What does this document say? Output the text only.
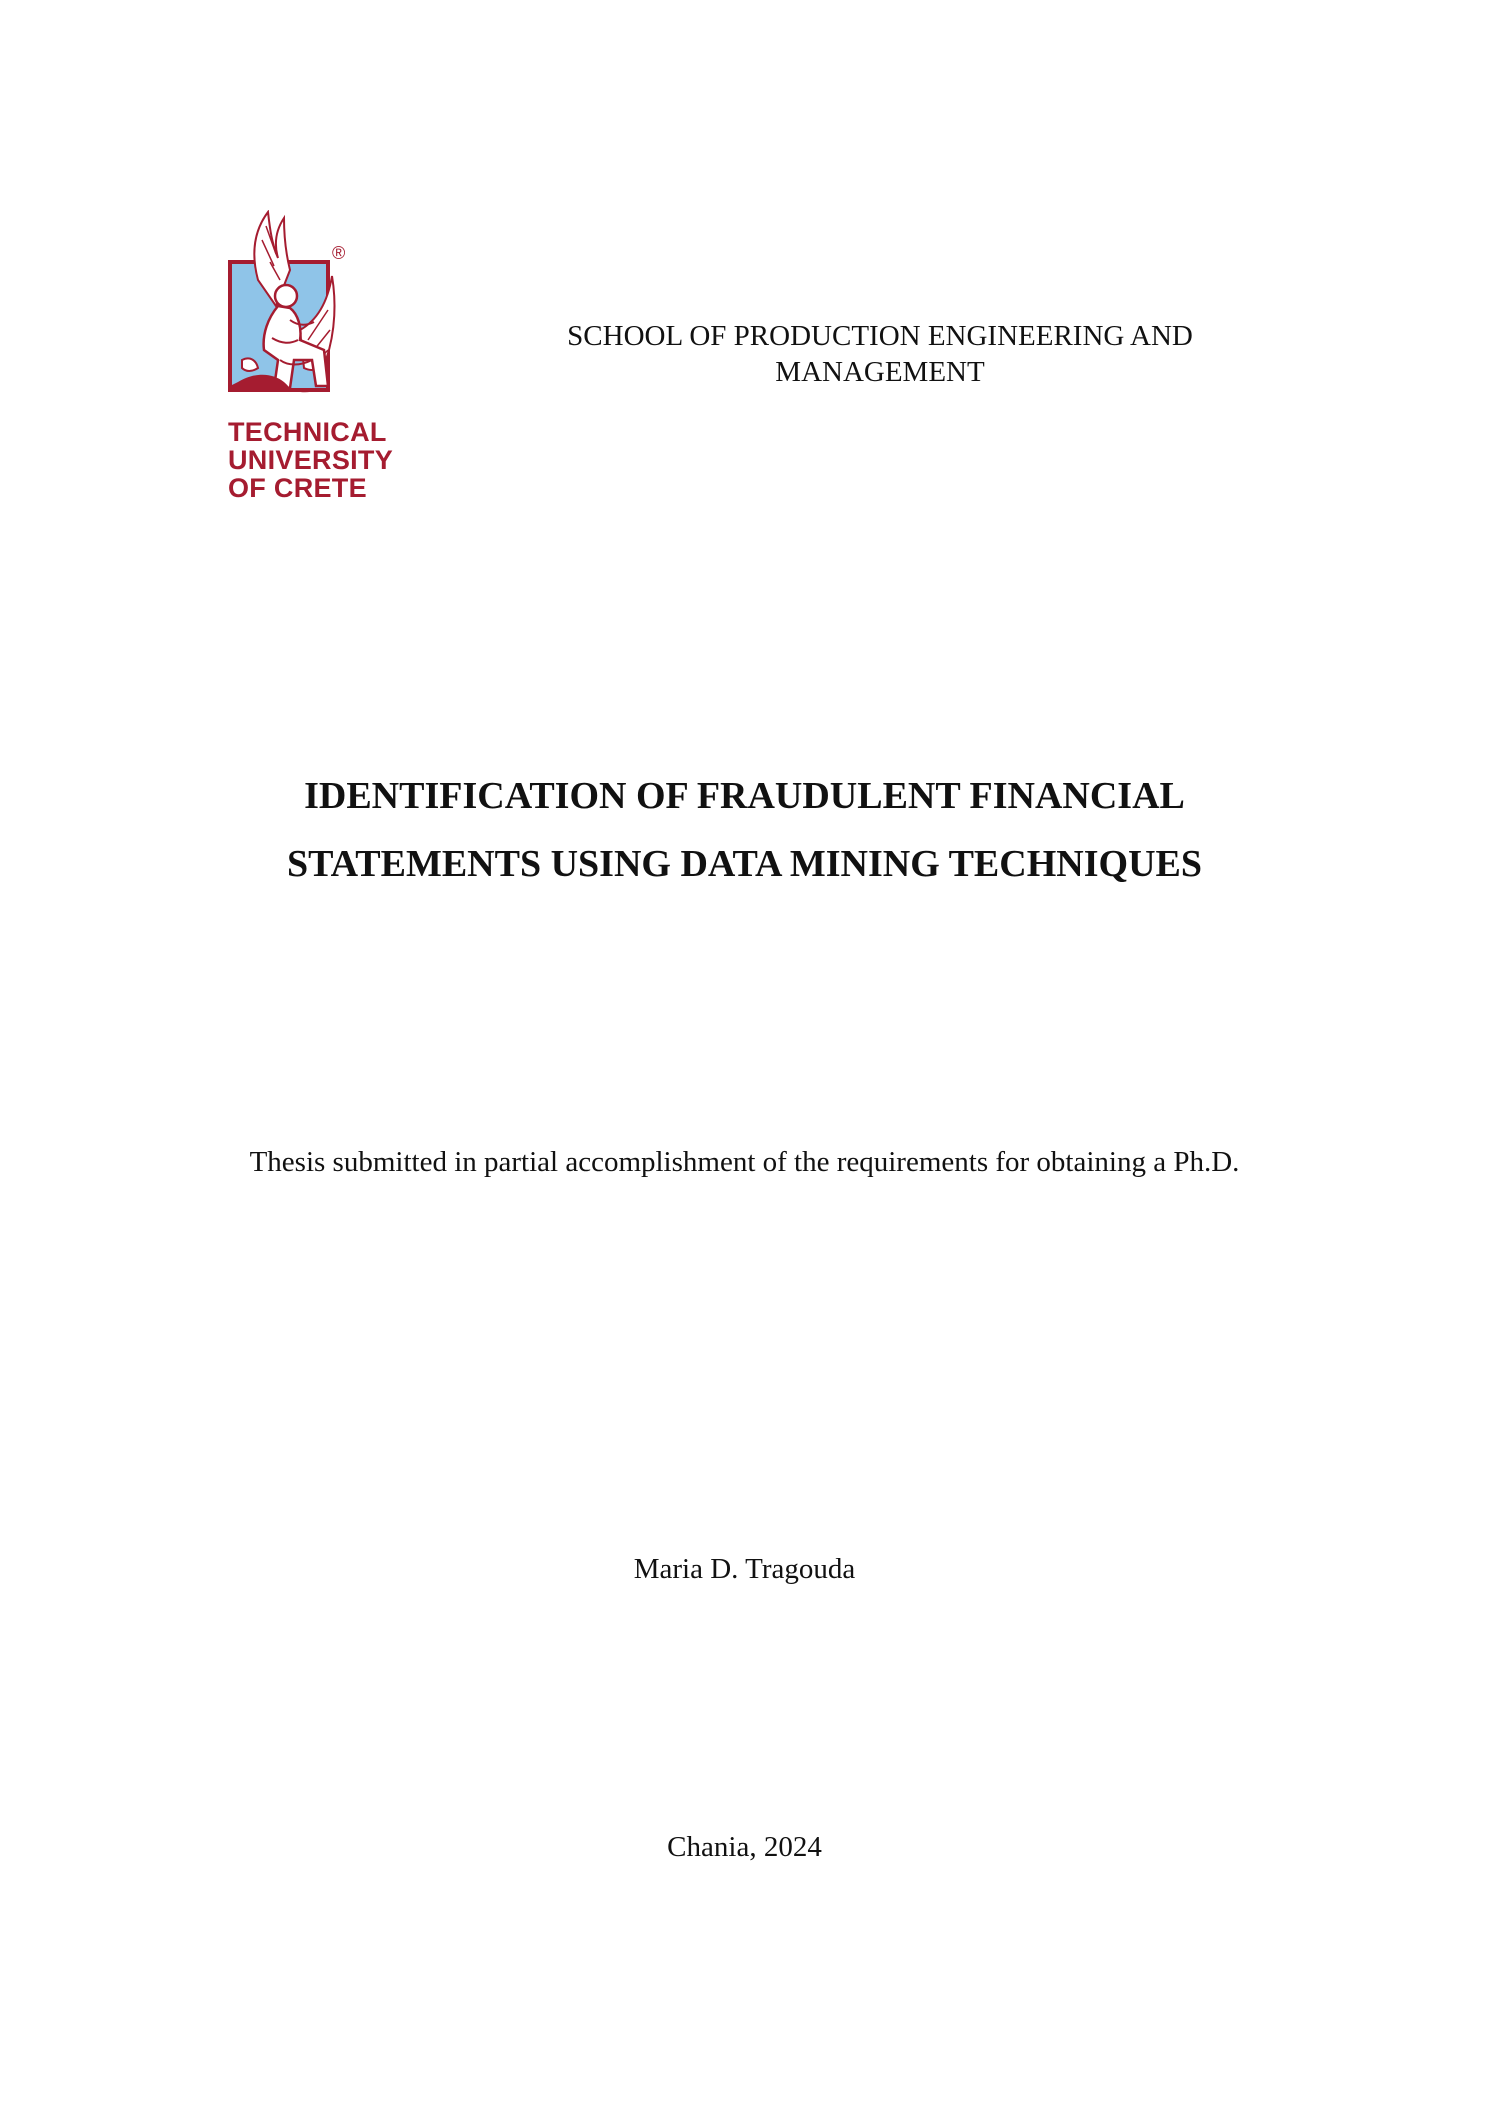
®
TECHNICAL
UNIVERSITY
OF CRETE
SCHOOL OF PRODUCTION ENGINEERING AND
MANAGEMENT
IDENTIFICATION OF FRAUDULENT FINANCIAL
STATEMENTS USING DATA MINING TECHNIQUES
Thesis submitted in partial accomplishment of the requirements for obtaining a Ph.D.
Maria D. Tragouda
Chania, 2024
